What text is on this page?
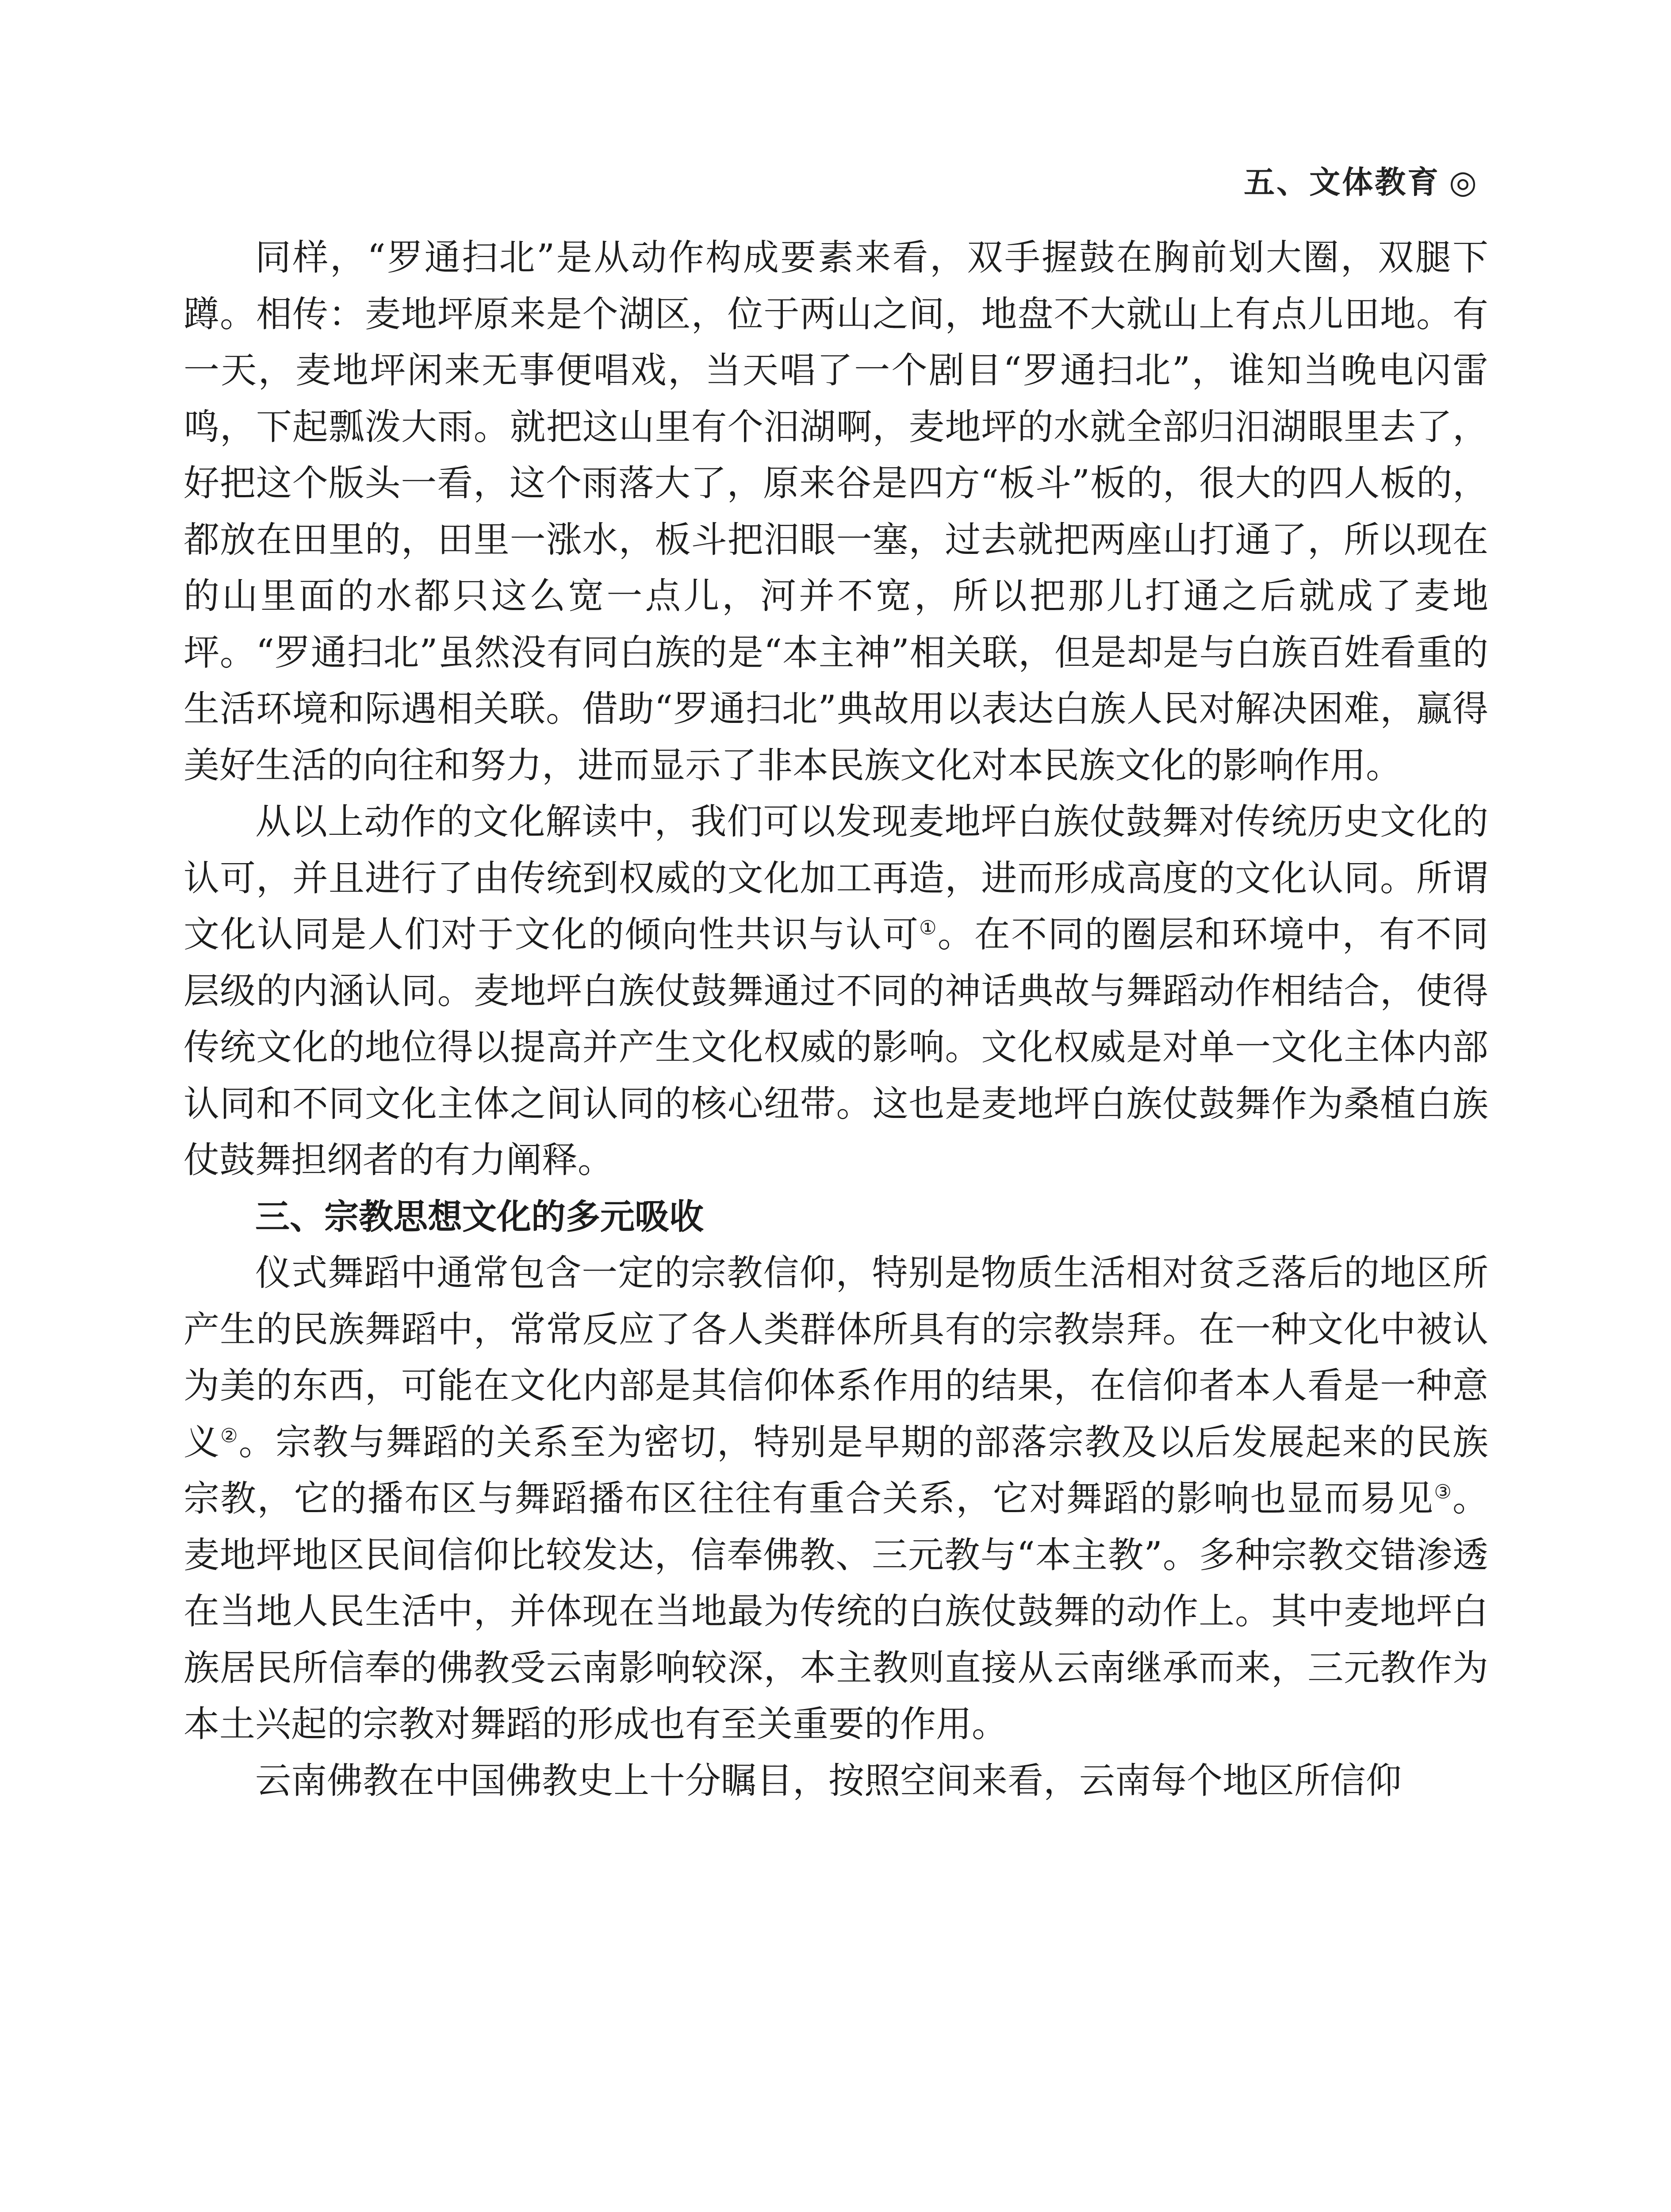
五、文体教育 ◎

同样，“罗通扫北”是从动作构成要素来看，双手握鼓在胸前划大圈，双腿下蹲。相传：麦地坪原来是个湖区，位于两山之间，地盘不大就山上有点儿田地。有一天，麦地坪闲来无事便唱戏，当天唱了一个剧目“罗通扫北”，谁知当晚电闪雷鸣，下起瓢泼大雨。就把这山里有个汨湖啊，麦地坪的水就全部归汨湖眼里去了，好把这个版头一看，这个雨落大了，原来谷是四方“板斗”板的，很大的四人板的，都放在田里的，田里一涨水，板斗把汨眼一塞，过去就把两座山打通了，所以现在的山里面的水都只这么宽一点儿，河并不宽，所以把那儿打通之后就成了麦地坪。“罗通扫北”虽然没有同白族的是“本主神”相关联，但是却是与白族百姓看重的生活环境和际遇相关联。借助“罗通扫北”典故用以表达白族人民对解决困难，赢得美好生活的向往和努力，进而显示了非本民族文化对本民族文化的影响作用。

从以上动作的文化解读中，我们可以发现麦地坪白族仗鼓舞对传统历史文化的认可，并且进行了由传统到权威的文化加工再造，进而形成高度的文化认同。所谓文化认同是人们对于文化的倾向性共识与认可①。在不同的圈层和环境中，有不同层级的内涵认同。麦地坪白族仗鼓舞通过不同的神话典故与舞蹈动作相结合，使得传统文化的地位得以提高并产生文化权威的影响。文化权威是对单一文化主体内部认同和不同文化主体之间认同的核心纽带。这也是麦地坪白族仗鼓舞作为桑植白族仗鼓舞担纲者的有力阐释。

三、宗教思想文化的多元吸收

仪式舞蹈中通常包含一定的宗教信仰，特别是物质生活相对贫乏落后的地区所产生的民族舞蹈中，常常反应了各人类群体所具有的宗教崇拜。在一种文化中被认为美的东西，可能在文化内部是其信仰体系作用的结果，在信仰者本人看是一种意义②。宗教与舞蹈的关系至为密切，特别是早期的部落宗教及以后发展起来的民族宗教，它的播布区与舞蹈播布区往往有重合关系，它对舞蹈的影响也显而易见③。麦地坪地区民间信仰比较发达，信奉佛教、三元教与“本主教”。多种宗教交错渗透在当地人民生活中，并体现在当地最为传统的白族仗鼓舞的动作上。其中麦地坪白族居民所信奉的佛教受云南影响较深，本主教则直接从云南继承而来，三元教作为本土兴起的宗教对舞蹈的形成也有至关重要的作用。

云南佛教在中国佛教史上十分瞩目，按照空间来看，云南每个地区所信仰
